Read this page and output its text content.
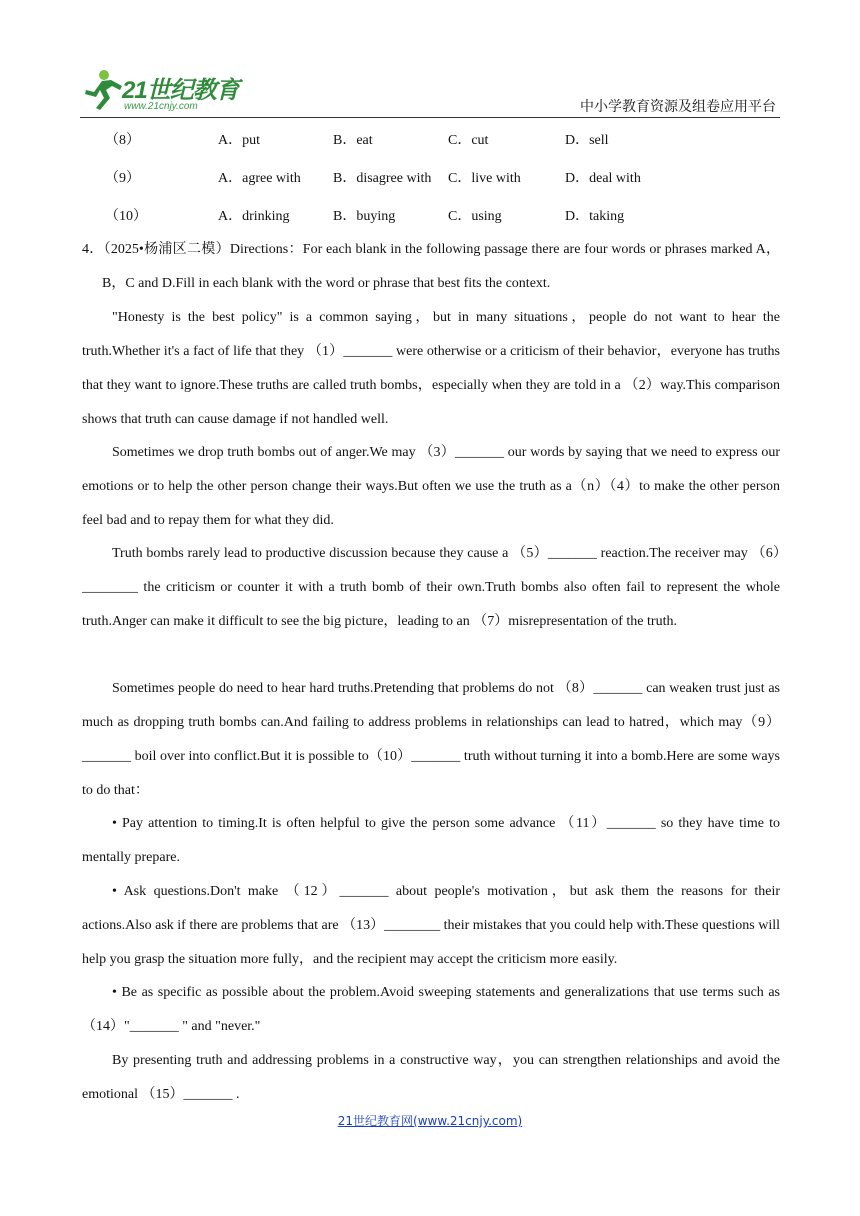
21世纪教育
www.21cnjy.com	中小学教育资源及组卷应用平台
（8）	A．put	B．eat	C．cut	D．sell
（9）	A．agree with B．disagree with C．live with	D．deal with
（10）	A．drinking	B．buying	C．using	D．taking
4．（2025•杨浦区二模）Directions：For each blank in the following passage there are four words or phrases marked A，B，C and D.Fill in each blank with the word or phrase that best fits the context.
"Honesty is the best policy" is a common saying，but in many situations，people do not want to hear the truth.Whether it's a fact of life that they （1）_______ were otherwise or a criticism of their behavior，everyone has truths that they want to ignore.These truths are called truth bombs，especially when they are told in a （2）way.This comparison shows that truth can cause damage if not handled well.
Sometimes we drop truth bombs out of anger.We may （3）_______ our words by saying that we need to express our emotions or to help the other person change their ways.But often we use the truth as a（n）（4）to make the other person feel bad and to repay them for what they did.
Truth bombs rarely lead to productive discussion because they cause a （5）_______ reaction.The receiver may （6）________ the criticism or counter it with a truth bomb of their own.Truth bombs also often fail to represent the whole truth.Anger can make it difficult to see the big picture，leading to an （7）misrepresentation of the truth.
Sometimes people do need to hear hard truths.Pretending that problems do not （8）_______ can weaken trust just as much as dropping truth bombs can.And failing to address problems in relationships can lead to hatred，which may（9）_______ boil over into conflict.But it is possible to（10）_______ truth without turning it into a bomb.Here are some ways to do that：
• Pay attention to timing.It is often helpful to give the person some advance （11）_______ so they have time to mentally prepare.
• Ask questions.Don't make （12）_______ about people's motivation，but ask them the reasons for their actions.Also ask if there are problems that are （13）________ their mistakes that you could help with.These questions will help you grasp the situation more fully，and the recipient may accept the criticism more easily.
• Be as specific as possible about the problem.Avoid sweeping statements and generalizations that use terms such as （14）"_______ " and "never."
By presenting truth and addressing problems in a constructive way，you can strengthen relationships and avoid the emotional （15）_______ .
21世纪教育网(www.21cnjy.com)
